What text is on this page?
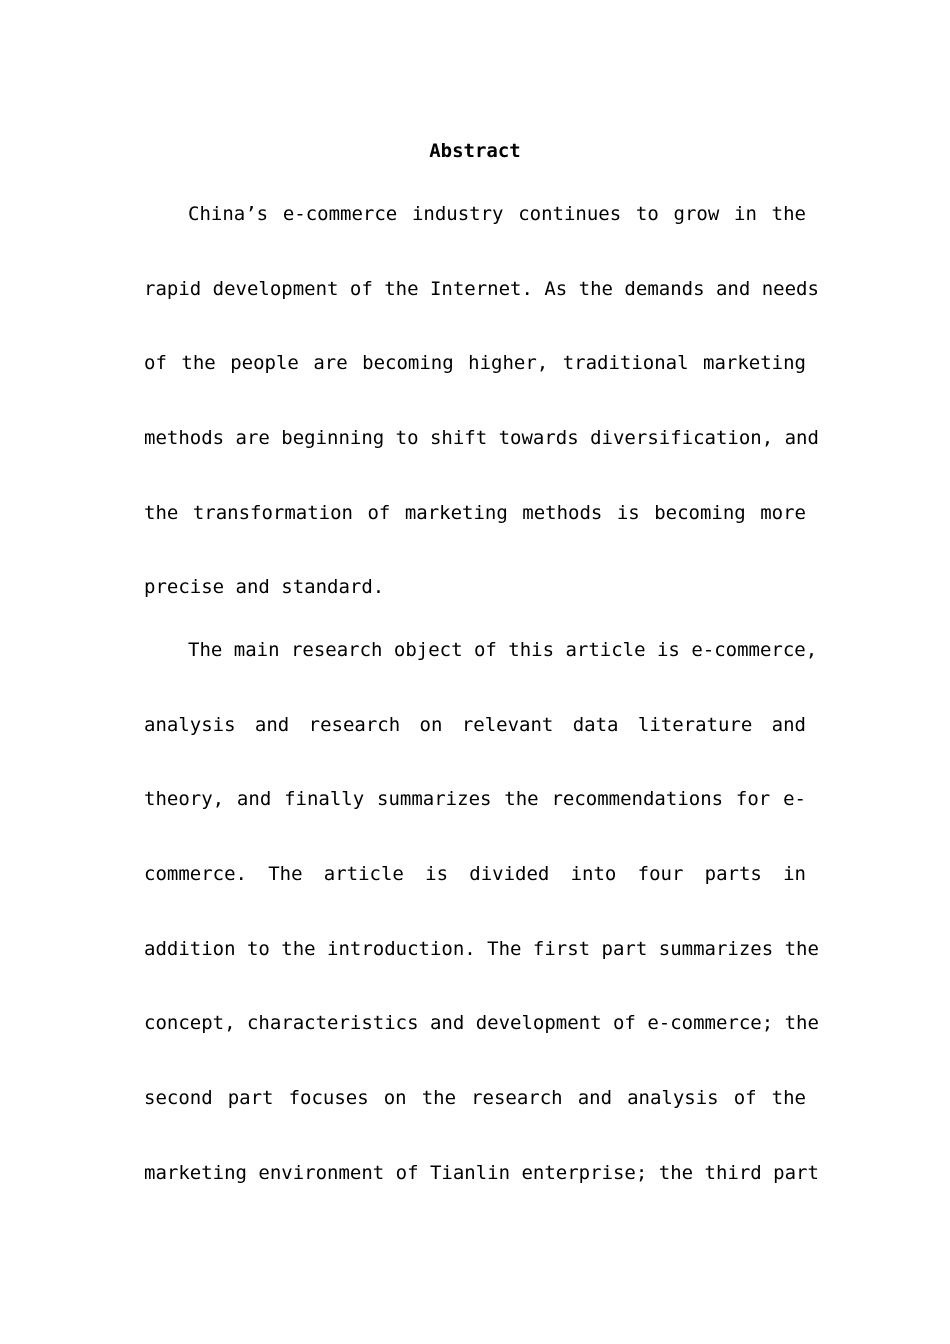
Abstract
China’s e-commerce industry continues to grow in the
rapid development of the Internet. As the demands and needs
of the people are becoming higher, traditional marketing
methods are beginning to shift towards diversification, and
the transformation of marketing methods is becoming more
precise and standard.
The main research object of this article is e-commerce,
analysis and research on relevant data literature and
theory, and finally summarizes the recommendations for e-
commerce. The article is divided into four parts in
addition to the introduction. The first part summarizes the
concept, characteristics and development of e-commerce; the
second part focuses on the research and analysis of the
marketing environment of Tianlin enterprise; the third part
